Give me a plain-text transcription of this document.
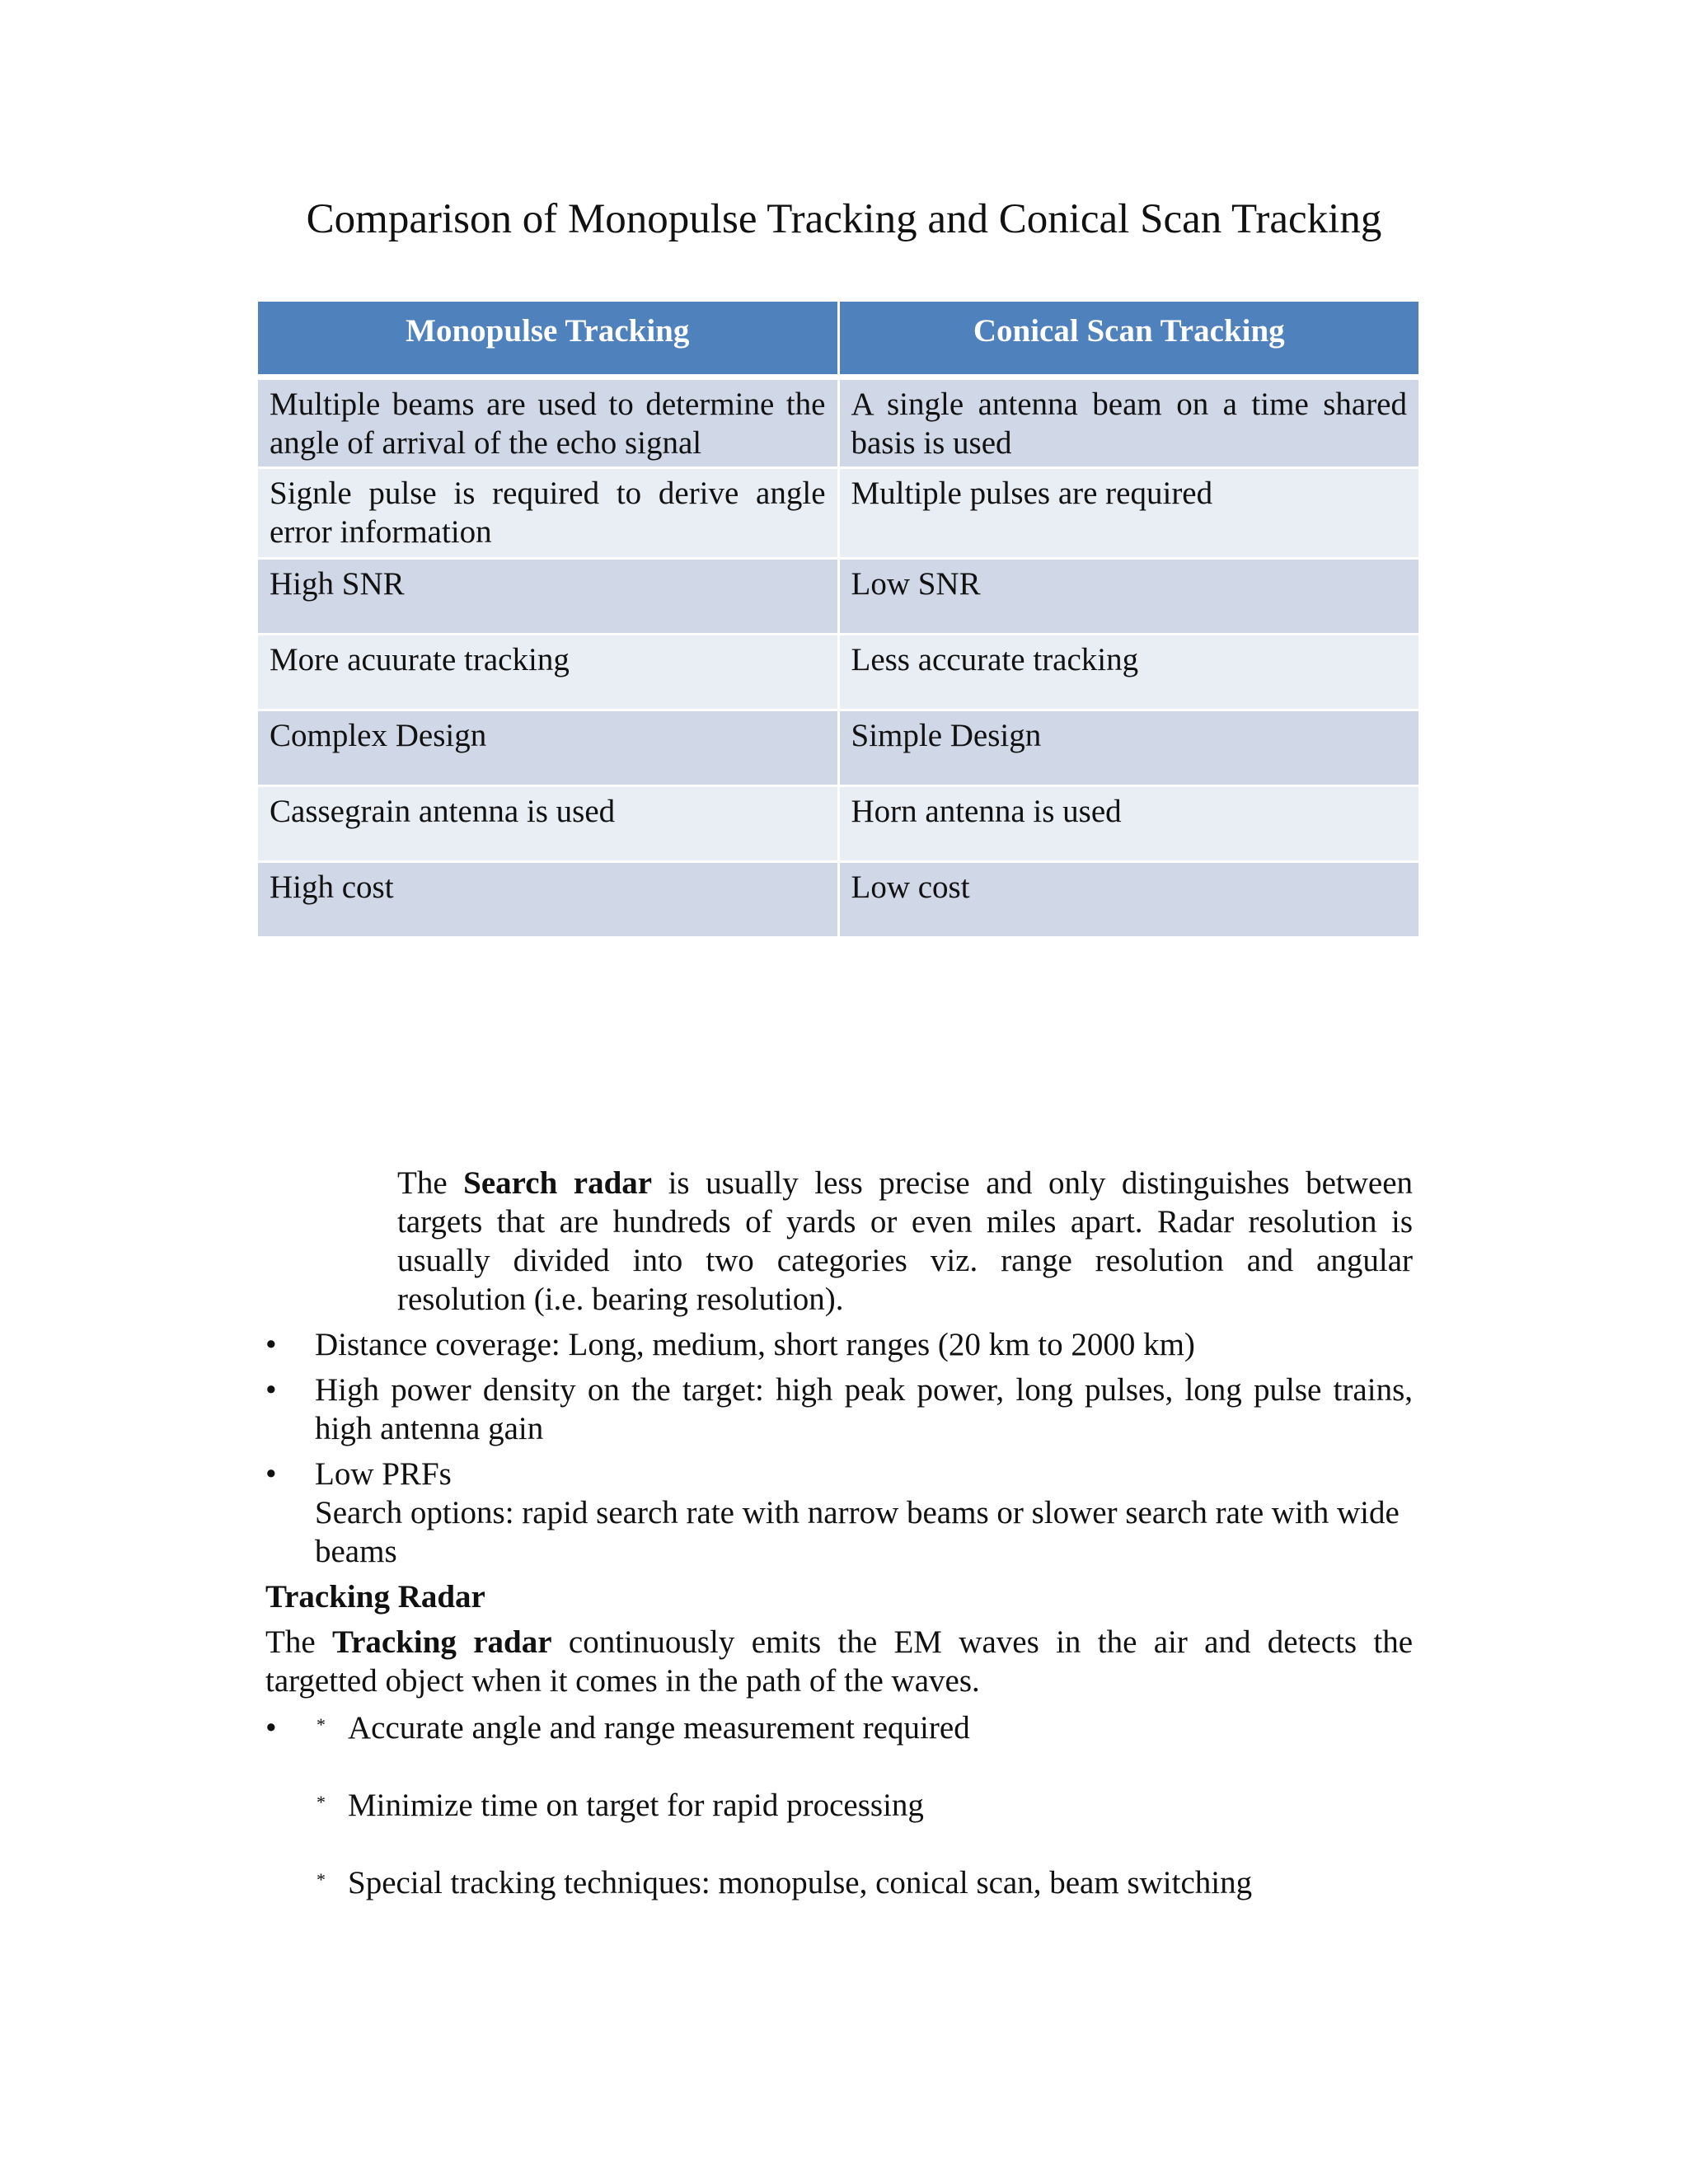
Comparison of Monopulse Tracking and Conical Scan Tracking
Monopulse Tracking	Conical Scan Tracking
Multiple beams are used to determine the angle of arrival of the echo signal	A single antenna beam on a time shared basis is used
Signle pulse is required to derive angle error information	Multiple pulses are required
High SNR	Low SNR
More acuurate tracking	Less accurate tracking
Complex Design	Simple Design
Cassegrain antenna is used	Horn antenna is used
High cost	Low cost

The Search radar is usually less precise and only distinguishes between targets that are hundreds of yards or even miles apart. Radar resolution is usually divided into two categories viz. range resolution and angular resolution (i.e. bearing resolution).

• Distance coverage: Long, medium, short ranges (20 km to 2000 km)

• High power density on the target: high peak power, long pulses, long pulse trains, high antenna gain

• Low PRFs
Search options: rapid search rate with narrow beams or slower search rate with wide beams

Tracking Radar

The Tracking radar continuously emits the EM waves in the air and detects the targetted object when it comes in the path of the waves.

• * Accurate angle and range measurement required

* Minimize time on target for rapid processing

* Special tracking techniques: monopulse, conical scan, beam switching
